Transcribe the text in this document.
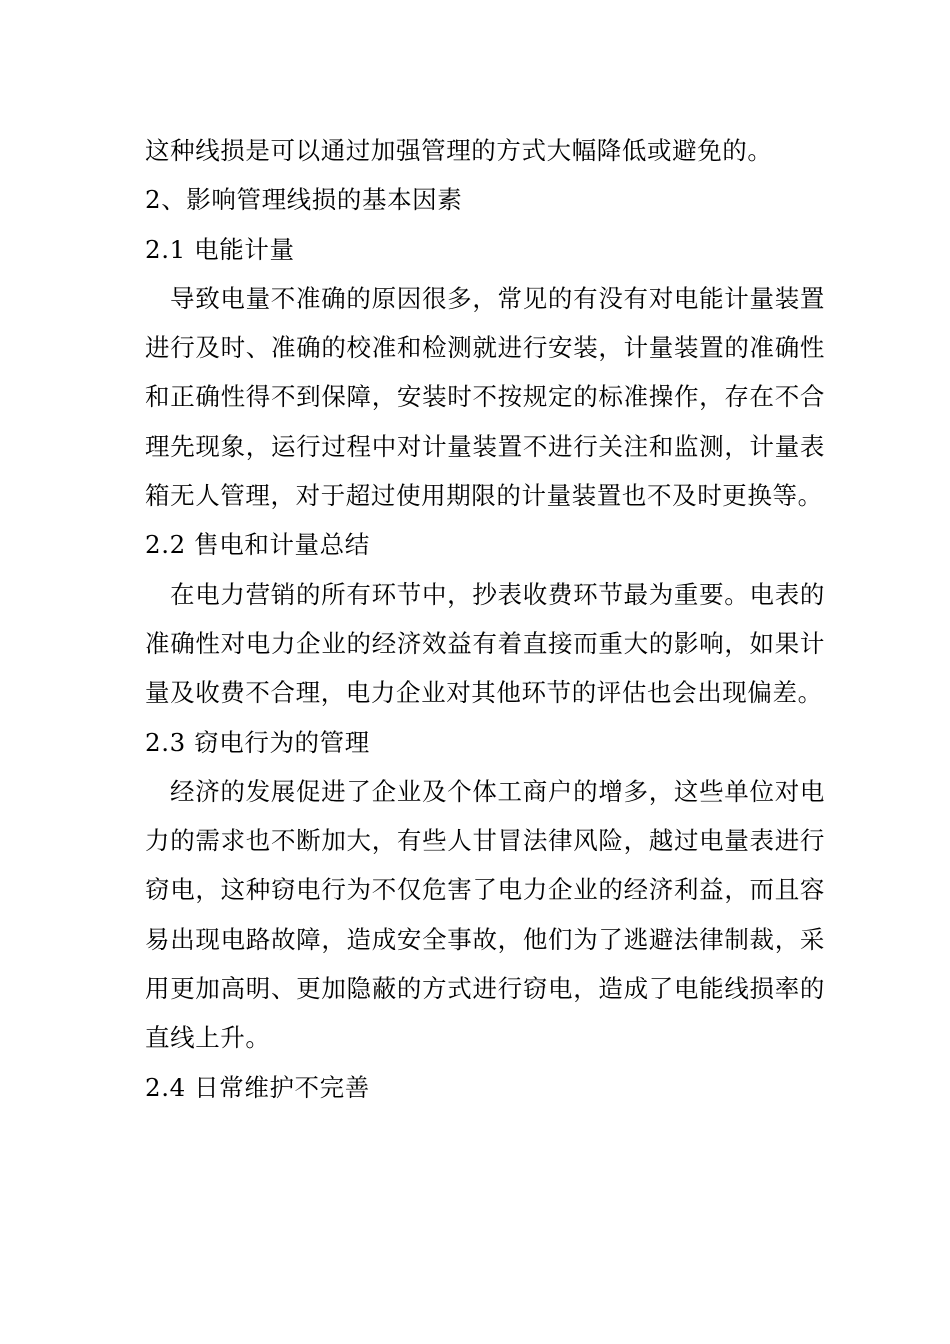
这种线损是可以通过加强管理的方式大幅降低或避免的。

2、影响管理线损的基本因素

2.1 电能计量

导致电量不准确的原因很多，常见的有没有对电能计量装置进行及时、准确的校准和检测就进行安装，计量装置的准确性和正确性得不到保障，安装时不按规定的标准操作，存在不合理先现象，运行过程中对计量装置不进行关注和监测，计量表箱无人管理，对于超过使用期限的计量装置也不及时更换等。

2.2 售电和计量总结

在电力营销的所有环节中，抄表收费环节最为重要。电表的准确性对电力企业的经济效益有着直接而重大的影响，如果计量及收费不合理，电力企业对其他环节的评估也会出现偏差。

2.3 窃电行为的管理

经济的发展促进了企业及个体工商户的增多，这些单位对电力的需求也不断加大，有些人甘冒法律风险，越过电量表进行窃电，这种窃电行为不仅危害了电力企业的经济利益，而且容易出现电路故障，造成安全事故，他们为了逃避法律制裁，采用更加高明、更加隐蔽的方式进行窃电，造成了电能线损率的直线上升。

2.4 日常维护不完善
